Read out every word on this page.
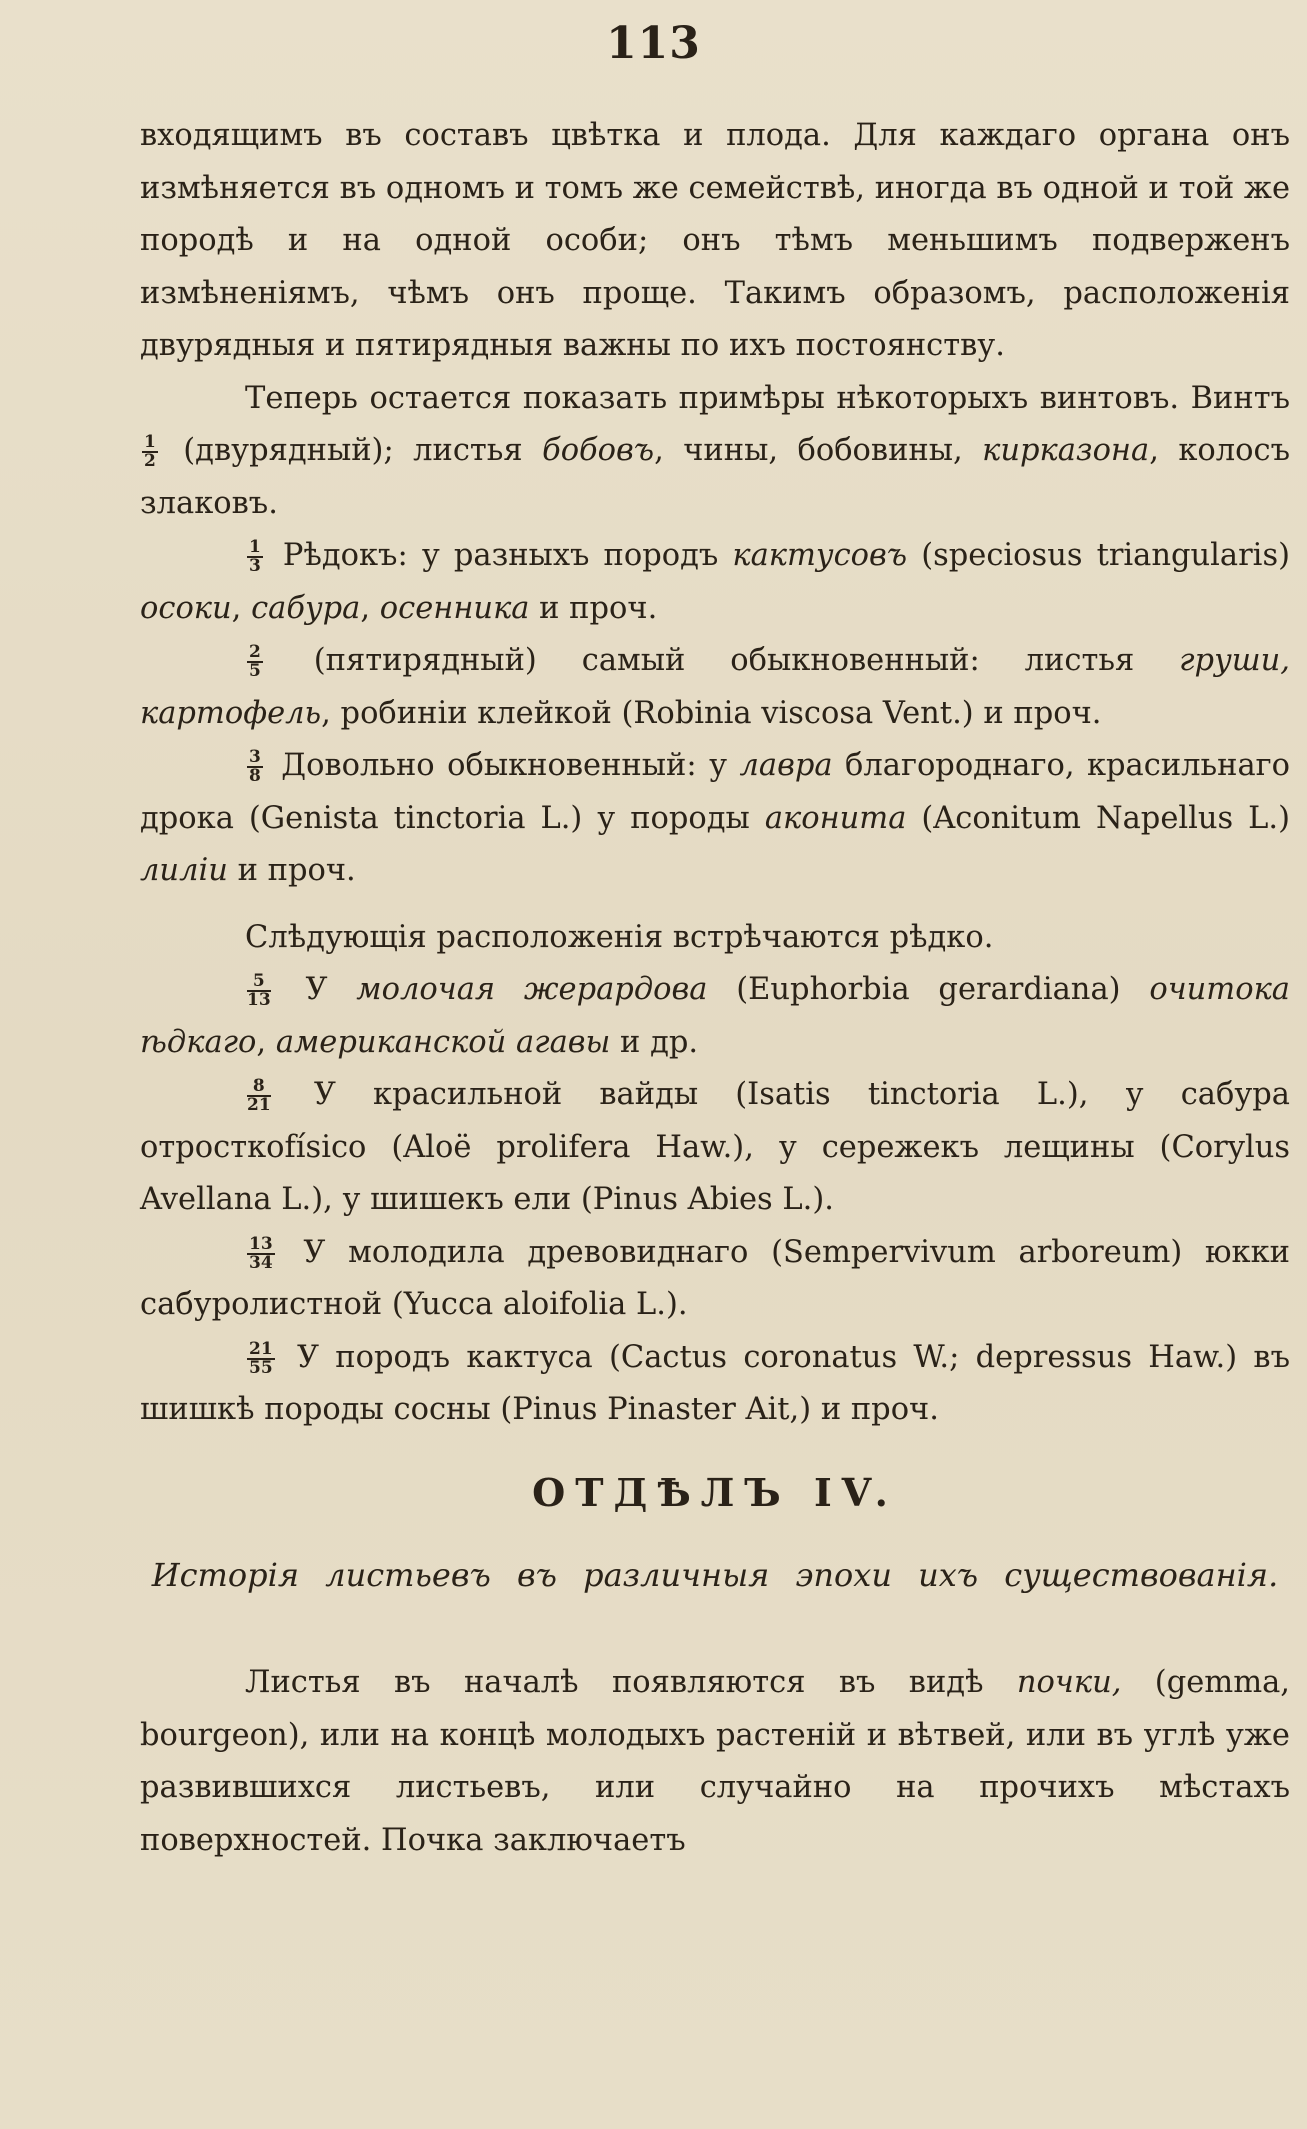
113

входящимъ въ составъ цвѣтка и плода. Для каждаго органа онъ измѣняется въ одномъ и томъ же семействѣ, иногда въ одной и той же породѣ и на одной особи; онъ тѣмъ меньшимъ подверженъ измѣненіямъ, чѣмъ онъ проще. Такимъ образомъ, расположенія двурядныя и пятирядныя важны по ихъ постоянству.

Теперь остается показать примѣры нѣкоторыхъ винтовъ. Винтъ
$\frac{1}{2}$ (двурядный); листья бобовъ, чины, бобовины, кирказона, колосъ злаковъ.

$\frac{1}{3}$ Рѣдокъ: у разныхъ породъ кактусовъ (speciosus triangularis) осоки, сабура, осенника и проч.

$\frac{2}{5}$ (пятирядный) самый обыкновенный: листья груши, картофель, робиніи клейкой (Robinia viscosa Vent.) и проч.

$\frac{3}{8}$ Довольно обыкновенный: у лавра благороднаго, красильнаго дрока (Genista tinctoria L.) у породы аконита (Aconitum Napellus L.) лиліи и проч.

Слѣдующія расположенія встрѣчаются рѣдко.

$\frac{5}{13}$ У молочая жерардова (Euphorbia gerardiana) очитока ѣдкаго, американской агавы и др.

$\frac{8}{21}$ У красильной вайды (Isatis tinctoria L.), у сабура отросткоfísico (Aloë prolifera Haw.), у сережекъ лещины (Corylus Avellana L.), у шишекъ ели (Pinus Abies L.).

$\frac{13}{34}$ У молодила древовиднаго (Sempervivum arboreum) юкки сабуролистной (Yucca aloifolia L.).

$\frac{21}{55}$ У породъ кактуса (Cactus coronatus W.; depressus Haw.) въ шишкѣ породы сосны (Pinus Pinaster Ait,) и проч.

ОТДѢЛЪ IV.

Исторія листьевъ въ различныя эпохи ихъ существованія.

Листья въ началѣ появляются въ видѣ почки, (gemma, bourgeon), или на концѣ молодыхъ растеній и вѣтвей, или въ углѣ уже развившихся листьевъ, или случайно на прочихъ мѣстахъ поверхностей. Почка заключаетъ
